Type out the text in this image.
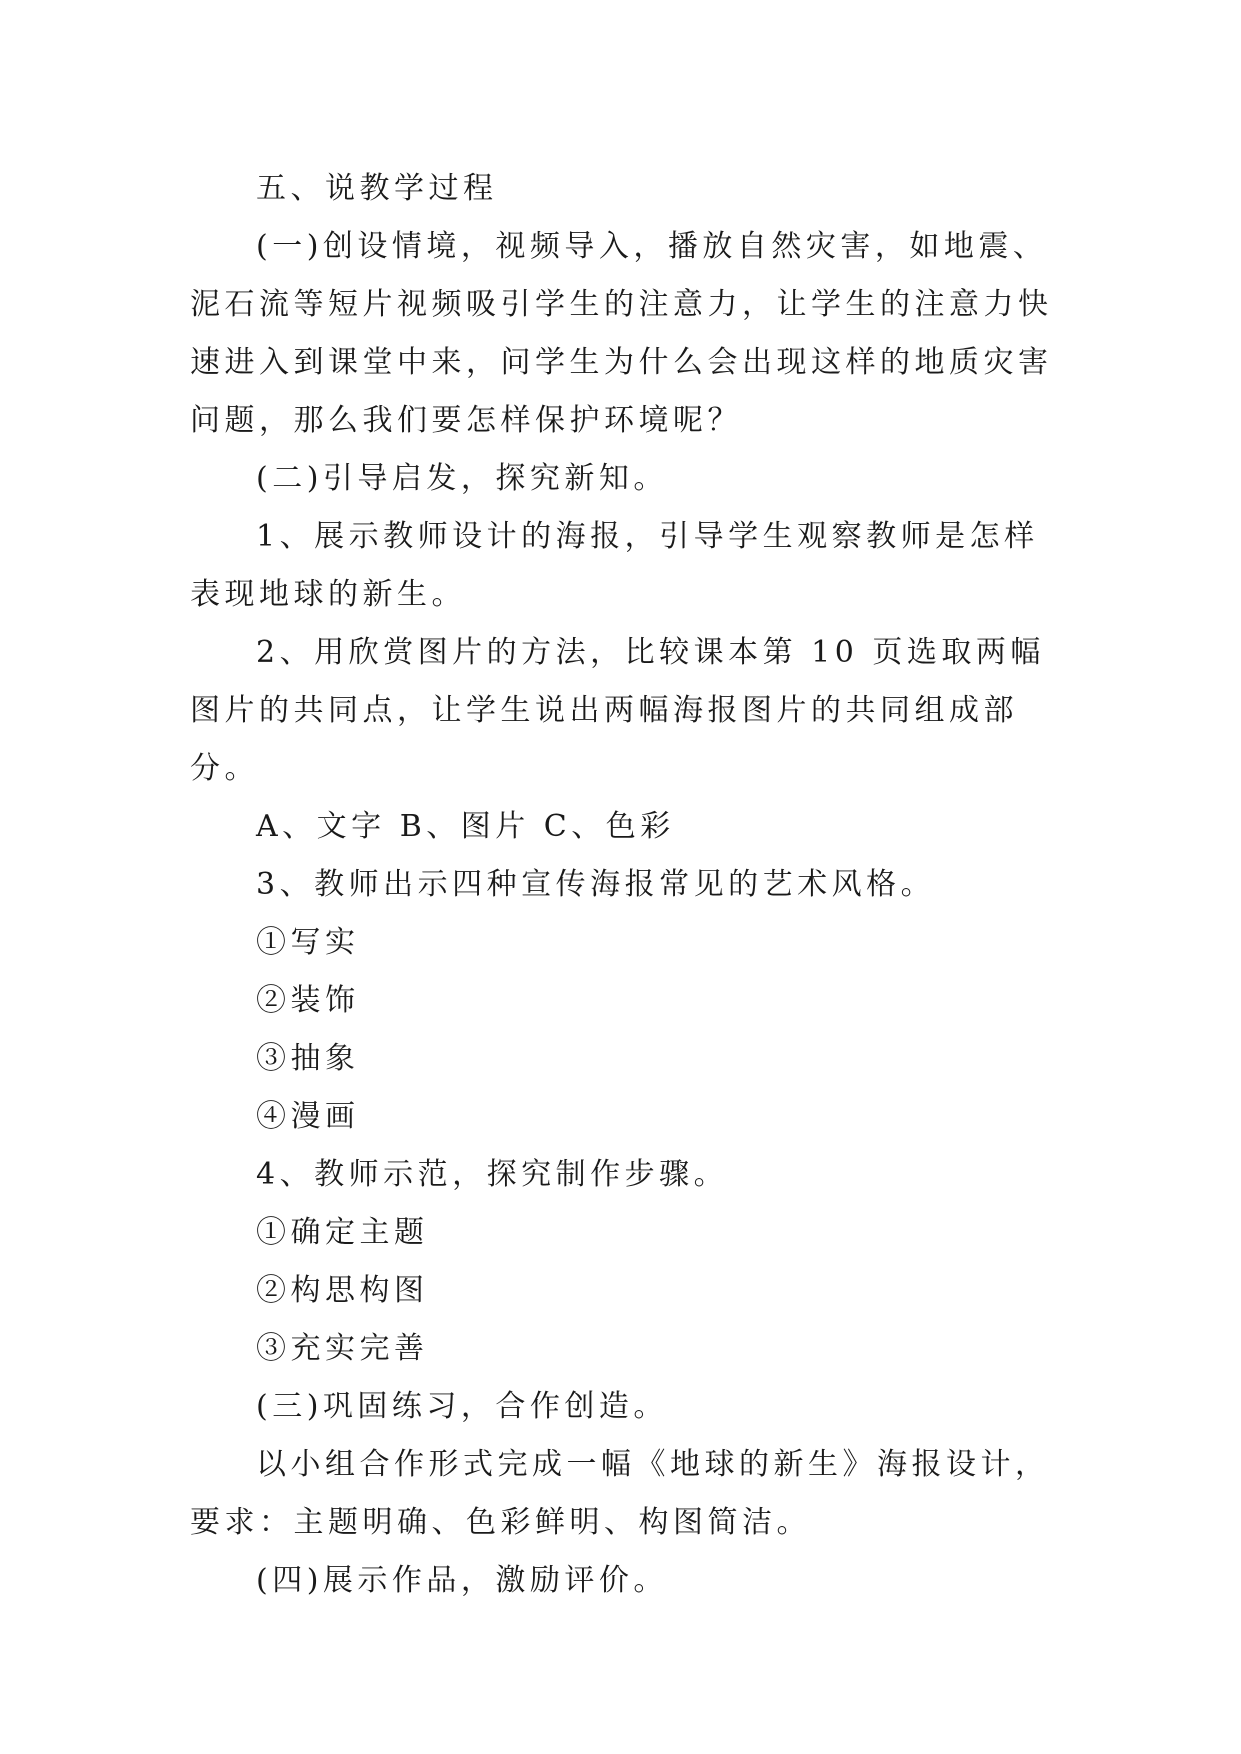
五、说教学过程

(一)创设情境，视频导入，播放自然灾害，如地震、泥石流等短片视频吸引学生的注意力，让学生的注意力快速进入到课堂中来，问学生为什么会出现这样的地质灾害问题，那么我们要怎样保护环境呢？

(二)引导启发，探究新知。

1、展示教师设计的海报，引导学生观察教师是怎样表现地球的新生。

2、用欣赏图片的方法，比较课本第 10 页选取两幅图片的共同点，让学生说出两幅海报图片的共同组成部分。

A、文字 B、图片 C、色彩

3、教师出示四种宣传海报常见的艺术风格。

①写实

②装饰

③抽象

④漫画

4、教师示范，探究制作步骤。

①确定主题

②构思构图

③充实完善

(三)巩固练习，合作创造。

以小组合作形式完成一幅《地球的新生》海报设计，要求：主题明确、色彩鲜明、构图简洁。

(四)展示作品，激励评价。
